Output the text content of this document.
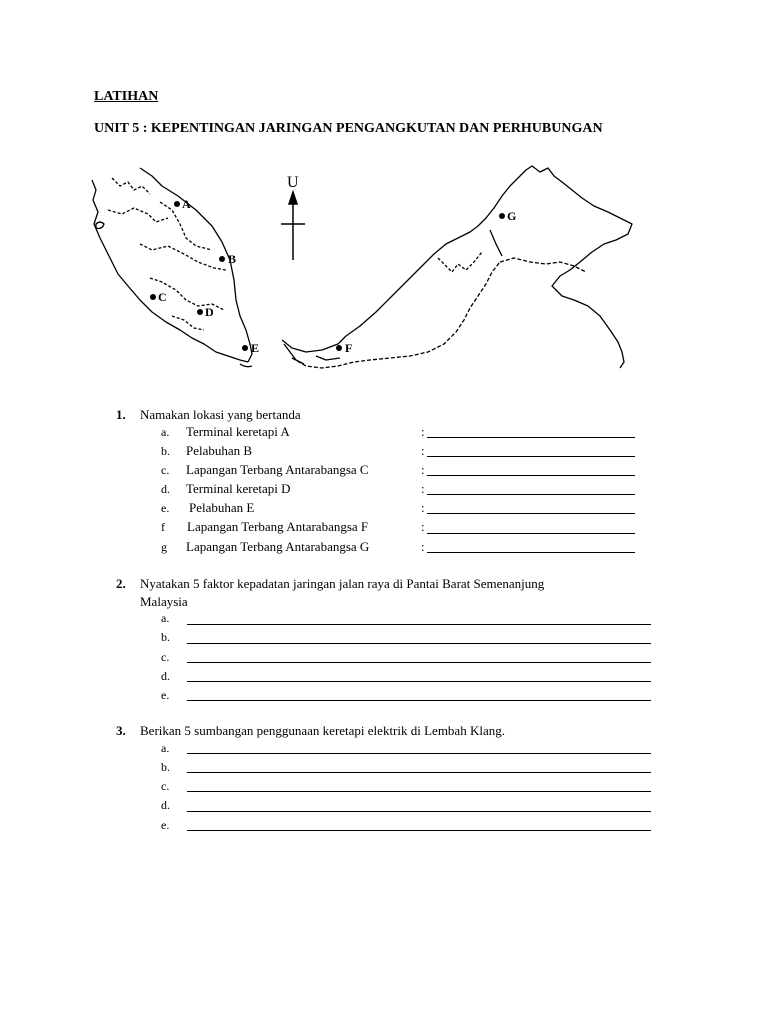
LATIHAN
UNIT 5 : KEPENTINGAN JARINGAN PENGANGKUTAN DAN PERHUBUNGAN
U
A
B
C
D
E	F
G
1. Namakan lokasi yang bertanda
a. Terminal keretapi A	:
b. Pelabuhan B	:
c. Lapangan Terbang Antarabangsa C	:
d. Terminal keretapi D	:
e. Pelabuhan E	:
f Lapangan Terbang Antarabangsa F	:
g Lapangan Terbang Antarabangsa G	:
2. Nyatakan 5 faktor kepadatan jaringan jalan raya di Pantai Barat Semenanjung
Malaysia
a.
b.
c.
d.
e.
3. Berikan 5 sumbangan penggunaan keretapi elektrik di Lembah Klang.
a.
b.
c.
d.
e.
